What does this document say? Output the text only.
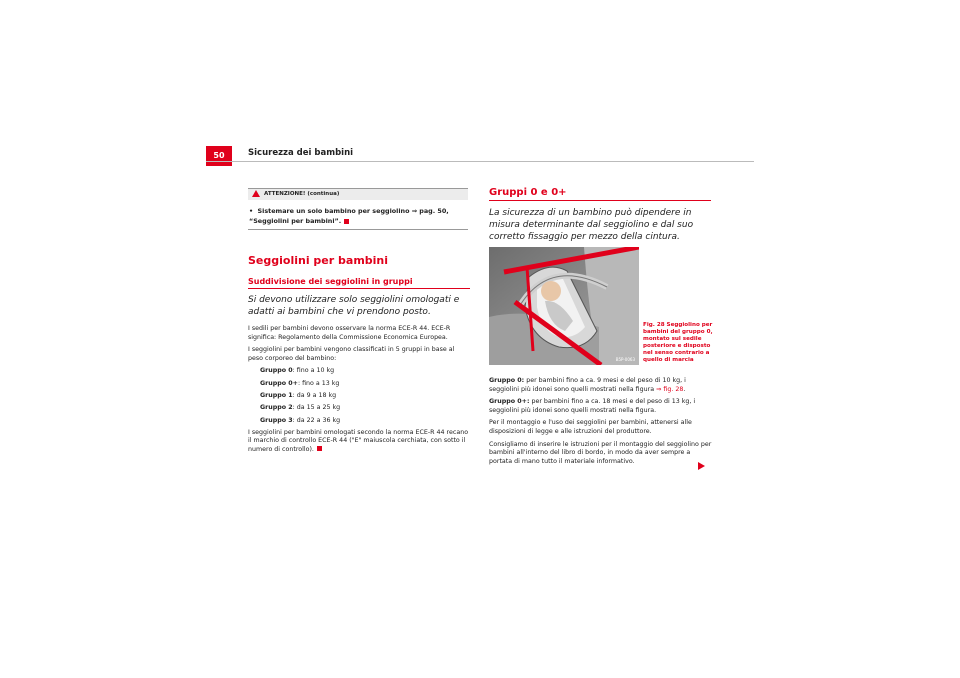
50	Sicurezza dei bambini
ATTENZIONE! (continua)
• Sistemare un solo bambino per seggiolino ⇒ pag. 50, “Seggiolini per bambini”.
Seggiolini per bambini
Suddivisione dei seggiolini in gruppi
Si devono utilizzare solo seggiolini omologati e adatti ai bambini che vi prendono posto.

I sedili per bambini devono osservare la norma ECE-R 44. ECE-R significa: Regolamento della Commissione Economica Europea.

I seggiolini per bambini vengono classificati in 5 gruppi in base al peso corporeo del bambino:

Gruppo 0: fino a 10 kg
Gruppo 0+: fino a 13 kg
Gruppo 1: da 9 a 18 kg
Gruppo 2: da 15 a 25 kg
Gruppo 3: da 22 a 36 kg

I seggiolini per bambini omologati secondo la norma ECE-R 44 recano il marchio di controllo ECE-R 44 ("E" maiuscola cerchiata, con sotto il numero di controllo).

Gruppi 0 e 0+
La sicurezza di un bambino può dipendere in misura determinante dal seggiolino e dal suo corretto fissaggio per mezzo della cintura.
B5P-0063
Fig. 28 Seggiolino per bambini del gruppo 0, montato sul sedile posteriore e disposto nel senso contrario a quello di marcia

Gruppo 0: per bambini fino a ca. 9 mesi e del peso di 10 kg, i seggiolini più idonei sono quelli mostrati nella figura ⇒ fig. 28.

Gruppo 0+: per bambini fino a ca. 18 mesi e del peso di 13 kg, i seggiolini più idonei sono quelli mostrati nella figura.

Per il montaggio e l'uso dei seggiolini per bambini, attenersi alle disposizioni di legge e alle istruzioni del produttore.

Consigliamo di inserire le istruzioni per il montaggio del seggiolino per bambini all'interno del libro di bordo, in modo da aver sempre a portata di mano tutto il materiale informativo.
